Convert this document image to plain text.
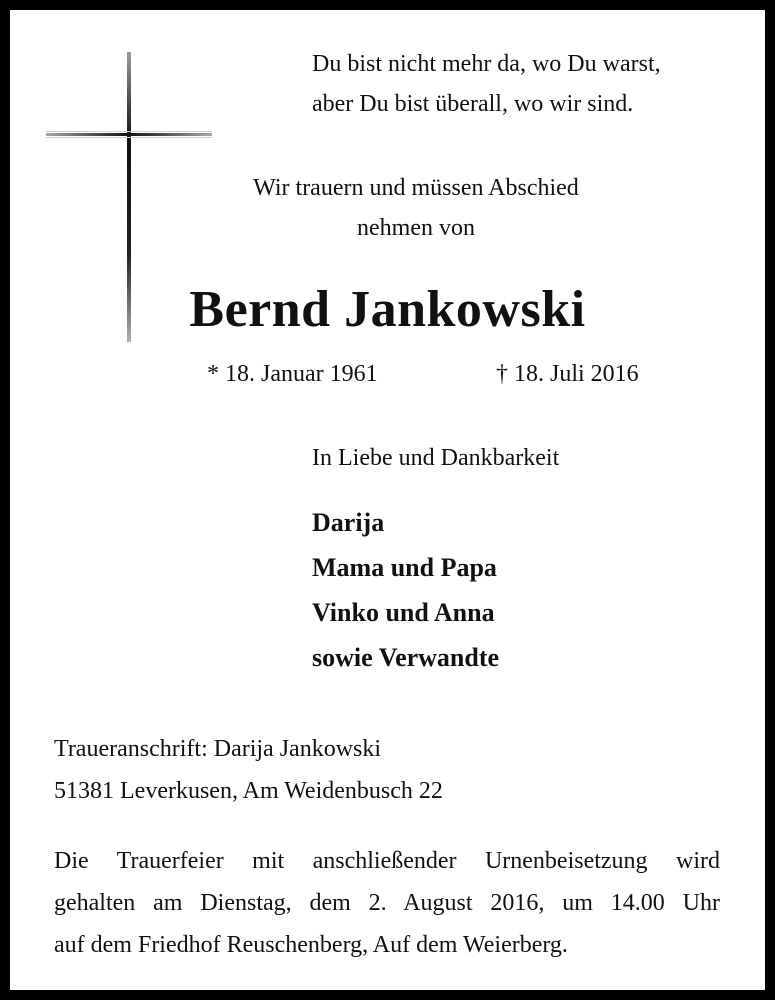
Du bist nicht mehr da, wo Du warst,
aber Du bist überall, wo wir sind.
Wir trauern und müssen Abschied
nehmen von
Bernd Jankowski
* 18. Januar 1961	† 18. Juli 2016
In Liebe und Dankbarkeit
Darija
Mama und Papa
Vinko und Anna
sowie Verwandte
Traueranschrift: Darija Jankowski
51381 Leverkusen, Am Weidenbusch 22
Die Trauerfeier mit anschließender Urnenbeisetzung wird
gehalten am Dienstag, dem 2. August 2016, um 14.00 Uhr
auf dem Friedhof Reuschenberg, Auf dem Weierberg.
